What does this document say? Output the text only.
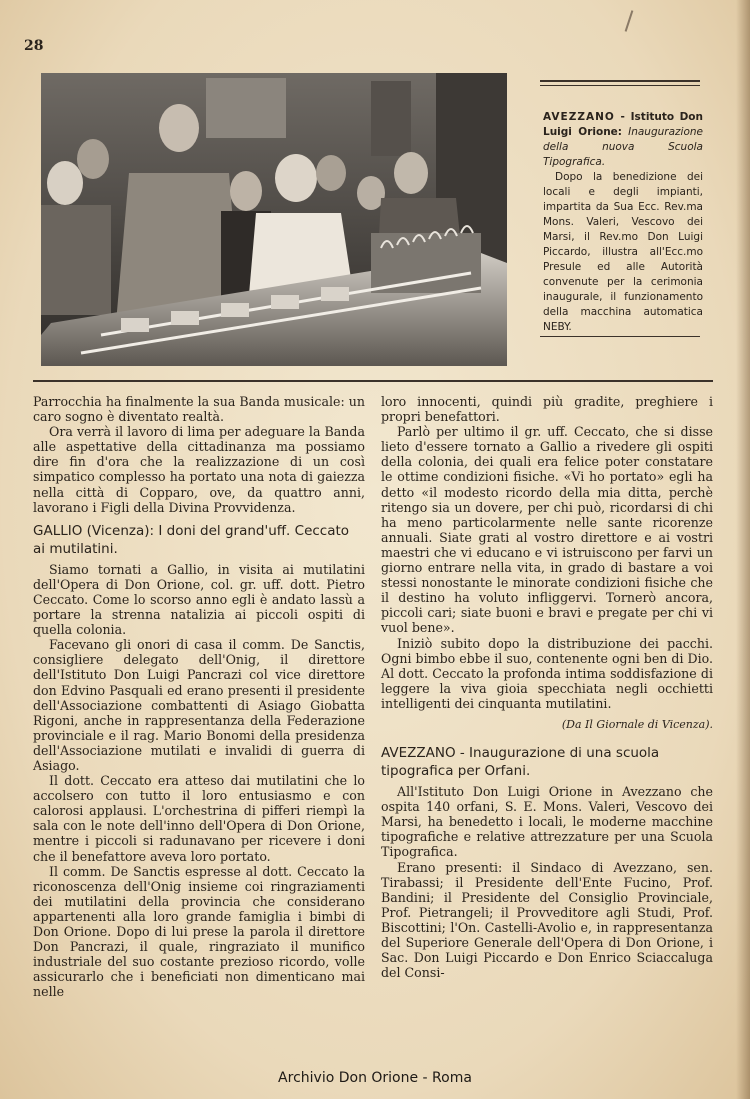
28

AVEZZANO - Istituto Don Luigi Orione: Inaugurazione della nuova Scuola Tipografica.

Dopo la benedizione dei locali e degli impianti, impartita da Sua Ecc. Rev.ma Mons. Valeri, Vescovo dei Marsi, il Rev.mo Don Luigi Piccardo, illustra all'Ecc.mo Presule ed alle Autorità convenute per la cerimonia inaugurale, il funzionamento della macchina automatica NEBY.

Parrocchia ha finalmente la sua Banda musicale: un caro sogno è diventato realtà.

Ora verrà il lavoro di lima per adeguare la Banda alle aspettative della cittadinanza ma possiamo dire fin d'ora che la realizzazione di un così simpatico complesso ha portato una nota di gaiezza nella città di Copparo, ove, da quattro anni, lavorano i Figli della Divina Provvidenza.

GALLIO (Vicenza): I doni del grand'uff. Ceccato ai mutilatini.

Siamo tornati a Gallio, in visita ai mutilatini dell'Opera di Don Orione, col. gr. uff. dott. Pietro Ceccato. Come lo scorso anno egli è andato lassù a portare la strenna natalizia ai piccoli ospiti di quella colonia.

Facevano gli onori di casa il comm. De Sanctis, consigliere delegato dell'Onig, il direttore dell'Istituto Don Luigi Pancrazi col vice direttore don Edvino Pasquali ed erano presenti il presidente dell'Associazione combattenti di Asiago Giobatta Rigoni, anche in rappresentanza della Federazione provinciale e il rag. Mario Bonomi della presidenza dell'Associazione mutilati e invalidi di guerra di Asiago.

Il dott. Ceccato era atteso dai mutilatini che lo accolsero con tutto il loro entusiasmo e con calorosi applausi. L'orchestrina di pifferi riempì la sala con le note dell'inno dell'Opera di Don Orione, mentre i piccoli si radunavano per ricevere i doni che il benefattore aveva loro portato.

Il comm. De Sanctis espresse al dott. Ceccato la riconoscenza dell'Onig insieme coi ringraziamenti dei mutilatini della provincia che considerano appartenenti alla loro grande famiglia i bimbi di Don Orione. Dopo di lui prese la parola il direttore Don Pancrazi, il quale, ringraziato il munifico industriale del suo costante prezioso ricordo, volle assicurarlo che i beneficiati non dimenticano mai nelle

loro innocenti, quindi più gradite, preghiere i propri benefattori.

Parlò per ultimo il gr. uff. Ceccato, che si disse lieto d'essere tornato a Gallio a rivedere gli ospiti della colonia, dei quali era felice poter constatare le ottime condizioni fisiche. «Vi ho portato» egli ha detto «il modesto ricordo della mia ditta, perchè ritengo sia un dovere, per chi può, ricordarsi di chi ha meno particolarmente nelle sante ricorenze annuali. Siate grati al vostro direttore e ai vostri maestri che vi educano e vi istruiscono per farvi un giorno entrare nella vita, in grado di bastare a voi stessi nonostante le minorate condizioni fisiche che il destino ha voluto infliggervi. Tornerò ancora, piccoli cari; siate buoni e bravi e pregate per chi vi vuol bene».

Iniziò subito dopo la distribuzione dei pacchi. Ogni bimbo ebbe il suo, contenente ogni ben di Dio. Al dott. Ceccato la profonda intima soddisfazione di leggere la viva gioia specchiata negli occhietti intelligenti dei cinquanta mutilatini.

(Da Il Giornale di Vicenza).

AVEZZANO - Inaugurazione di una scuola tipografica per Orfani.

All'Istituto Don Luigi Orione in Avezzano che ospita 140 orfani, S. E. Mons. Valeri, Vescovo dei Marsi, ha benedetto i locali, le moderne macchine tipografiche e relative attrezzature per una Scuola Tipografica.

Erano presenti: il Sindaco di Avezzano, sen. Tirabassi; il Presidente dell'Ente Fucino, Prof. Bandini; il Presidente del Consiglio Provinciale, Prof. Pietrangeli; il Provveditore agli Studi, Prof. Biscottini; l'On. Castelli-Avolio e, in rappresentanza del Superiore Generale dell'Opera di Don Orione, i Sac. Don Luigi Piccardo e Don Enrico Sciaccaluga del Consi-

Archivio Don Orione - Roma
